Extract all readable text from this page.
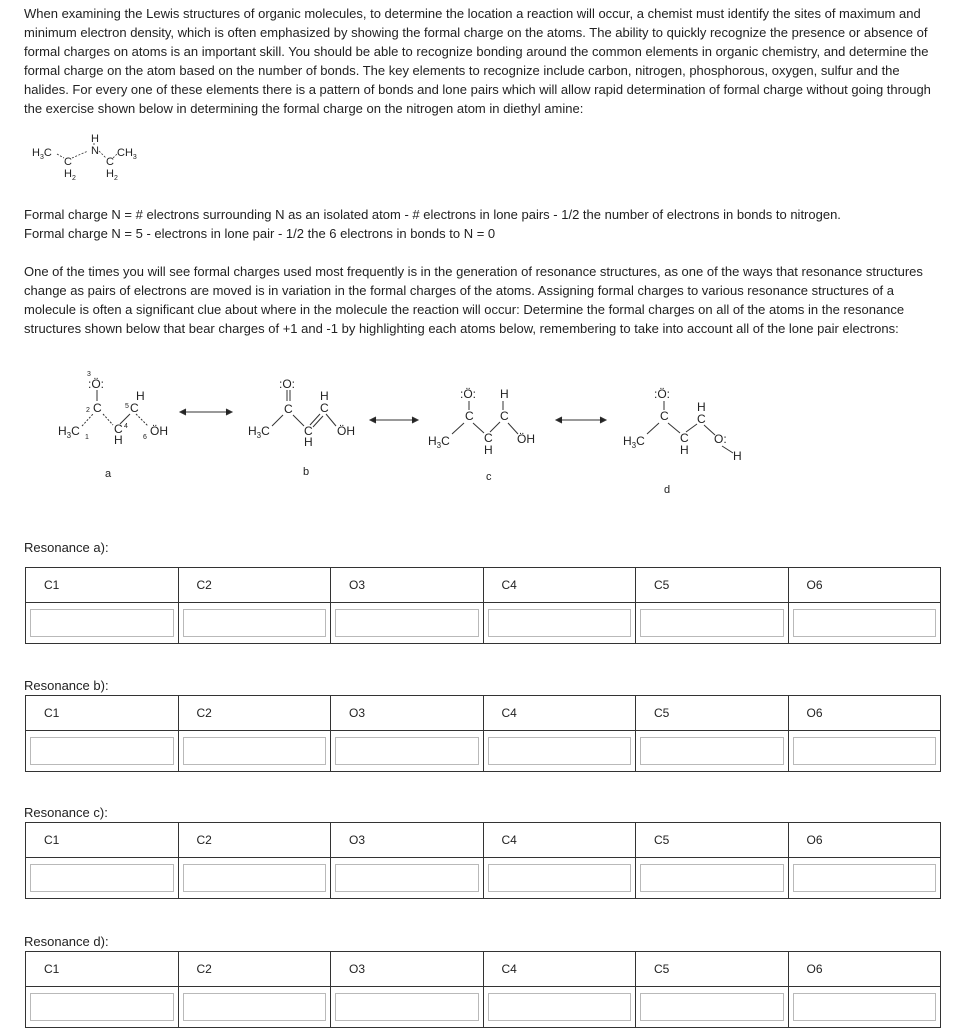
When examining the Lewis structures of organic molecules, to determine the location a reaction will occur, a chemist must identify the sites of maximum and minimum electron density, which is often emphasized by showing the formal charge on the atoms. The ability to quickly recognize the presence or absence of formal charges on atoms is an important skill. You should be able to recognize bonding around the common elements in organic chemistry, and determine the formal charge on the atom based on the number of bonds. The key elements to recognize include carbon, nitrogen, phosphorous, oxygen, sulfur and the halides. For every one of these elements there is a pattern of bonds and lone pairs which will allow rapid determination of formal charge without going through the exercise shown below in determining the formal charge on the nitrogen atom in diethyl amine:

$H_3C$
C
$H_2$
H
N
C
$H_2$
$CH_3$
Formal charge N = # electrons surrounding N as an isolated atom - # electrons in lone pairs - 1/2 the number of electrons in bonds to nitrogen.
Formal charge N = 5 - electrons in lone pair - 1/2 the 6 electrons in bonds to N = 0

One of the times you will see formal charges used most frequently is in the generation of resonance structures, as one of the ways that resonance structures change as pairs of electrons are moved is in variation in the formal charges of the atoms. Assigning formal charges to various resonance structures of a molecule is often a significant clue about where in the molecule the reaction will occur: Determine the formal charges on all of the atoms in the resonance structures shown below that bear charges of +1 and -1 by highlighting each atoms below, remembering to take into account all of the lone pair electrons:

3
:Ö:
2 C
$H_3C$ 1
C 4
H
5 C
H
ÖH
6
a
:O:
C
$H_3C$	C
H
C
H
ÖH
b
:Ö:
C
H
C
$H_3C$	C
H
ÖH
c
:Ö:
C
$H_3C$	C
H
H
C
O:
H
d
Resonance a):
C1	C2	O3	C4	C5	O6

Resonance b):
C1	C2	O3	C4	C5	O6

Resonance c):
C1	C2	O3	C4	C5	O6

Resonance d):
C1	C2	O3	C4	C5	O6
